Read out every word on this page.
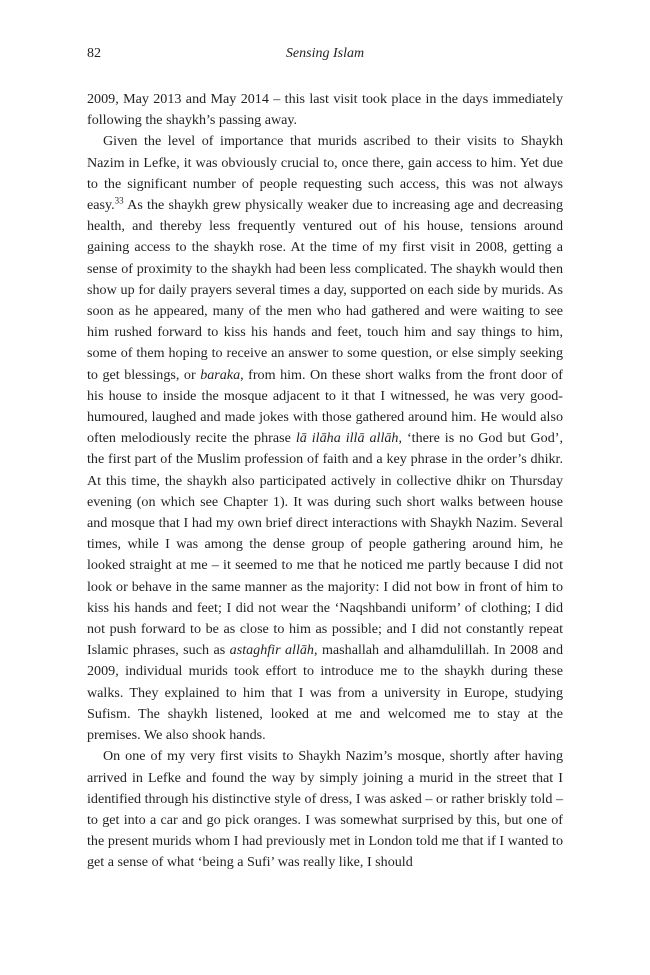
82	Sensing Islam

2009, May 2013 and May 2014 – this last visit took place in the days immediately following the shaykh’s passing away.

Given the level of importance that murids ascribed to their visits to Shaykh Nazim in Lefke, it was obviously crucial to, once there, gain access to him. Yet due to the significant number of people requesting such access, this was not always easy.$^{33}$ As the shaykh grew physically weaker due to increasing age and decreasing health, and thereby less frequently ventured out of his house, tensions around gaining access to the shaykh rose. At the time of my first visit in 2008, getting a sense of proximity to the shaykh had been less complicated. The shaykh would then show up for daily prayers several times a day, supported on each side by murids. As soon as he appeared, many of the men who had gathered and were waiting to see him rushed forward to kiss his hands and feet, touch him and say things to him, some of them hoping to receive an answer to some question, or else simply seeking to get blessings, or baraka, from him. On these short walks from the front door of his house to inside the mosque adjacent to it that I witnessed, he was very good-humoured, laughed and made jokes with those gathered around him. He would also often melodiously recite the phrase lā ilāha illā allāh, ‘there is no God but God’, the first part of the Muslim profession of faith and a key phrase in the order’s dhikr. At this time, the shaykh also participated actively in collective dhikr on Thursday evening (on which see Chapter 1). It was during such short walks between house and mosque that I had my own brief direct interactions with Shaykh Nazim. Several times, while I was among the dense group of people gathering around him, he looked straight at me – it seemed to me that he noticed me partly because I did not look or behave in the same manner as the majority: I did not bow in front of him to kiss his hands and feet; I did not wear the ‘Naqshbandi uniform’ of clothing; I did not push forward to be as close to him as possible; and I did not constantly repeat Islamic phrases, such as astaghfir allāh, mashallah and alhamdulillah. In 2008 and 2009, individual murids took effort to introduce me to the shaykh during these walks. They explained to him that I was from a university in Europe, studying Sufism. The shaykh listened, looked at me and welcomed me to stay at the premises. We also shook hands.

On one of my very first visits to Shaykh Nazim’s mosque, shortly after having arrived in Lefke and found the way by simply joining a murid in the street that I identified through his distinctive style of dress, I was asked – or rather briskly told – to get into a car and go pick oranges. I was somewhat surprised by this, but one of the present murids whom I had previously met in London told me that if I wanted to get a sense of what ‘being a Sufi’ was really like, I should
